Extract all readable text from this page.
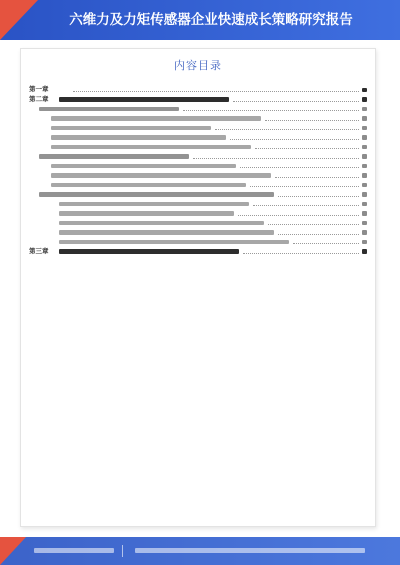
六维力及力矩传感器企业快速成长策略研究报告
内容目录
第一章
第二章
第三章
